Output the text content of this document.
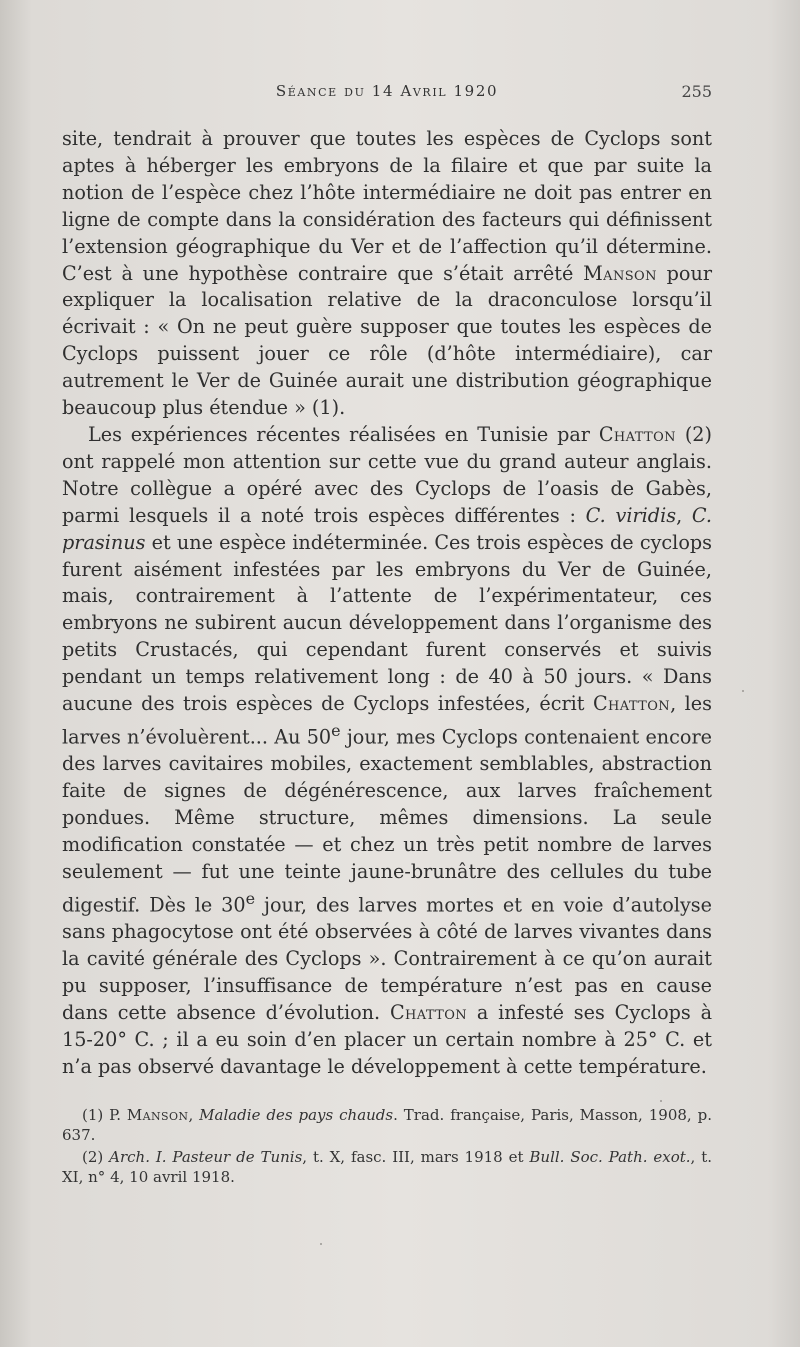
Séance du 14 Avril 1920	255

site, tendrait à prouver que toutes les espèces de Cyclops sont aptes à héberger les embryons de la filaire et que par suite la notion de l’espèce chez l’hôte intermédiaire ne doit pas entrer en ligne de compte dans la considération des facteurs qui définissent l’extension géographique du Ver et de l’affection qu’il détermine. C’est à une hypothèse contraire que s’était arrêté Manson pour expliquer la localisation relative de la draconculose lorsqu’il écrivait : « On ne peut guère supposer que toutes les espèces de Cyclops puissent jouer ce rôle (d’hôte intermédiaire), car autrement le Ver de Guinée aurait une distribution géographique beaucoup plus étendue » (1).

Les expériences récentes réalisées en Tunisie par Chatton (2) ont rappelé mon attention sur cette vue du grand auteur anglais. Notre collègue a opéré avec des Cyclops de l’oasis de Gabès, parmi lesquels il a noté trois espèces différentes : C. viridis, C. prasinus et une espèce indéterminée. Ces trois espèces de cyclops furent aisément infestées par les embryons du Ver de Guinée, mais, contrairement à l’attente de l’expérimentateur, ces embryons ne subirent aucun développement dans l’organisme des petits Crustacés, qui cependant furent conservés et suivis pendant un temps relativement long : de 40 à 50 jours. « Dans aucune des trois espèces de Cyclops infestées, écrit Chatton, les larves n’évoluèrent... Au 50e jour, mes Cyclops contenaient encore des larves cavitaires mobiles, exactement semblables, abstraction faite de signes de dégénérescence, aux larves fraîchement pondues. Même structure, mêmes dimensions. La seule modification constatée — et chez un très petit nombre de larves seulement — fut une teinte jaune-brunâtre des cellules du tube digestif. Dès le 30e jour, des larves mortes et en voie d’autolyse sans phagocytose ont été observées à côté de larves vivantes dans la cavité générale des Cyclops ». Contrairement à ce qu’on aurait pu supposer, l’insuffisance de température n’est pas en cause dans cette absence d’évolution. Chatton a infesté ses Cyclops à 15-20° C. ; il a eu soin d’en placer un certain nombre à 25° C. et n’a pas observé davantage le développement à cette température.

(1) P. Manson, Maladie des pays chauds. Trad. française, Paris, Masson, 1908, p. 637.

(2) Arch. I. Pasteur de Tunis, t. X, fasc. III, mars 1918 et Bull. Soc. Path. exot., t. XI, n° 4, 10 avril 1918.
